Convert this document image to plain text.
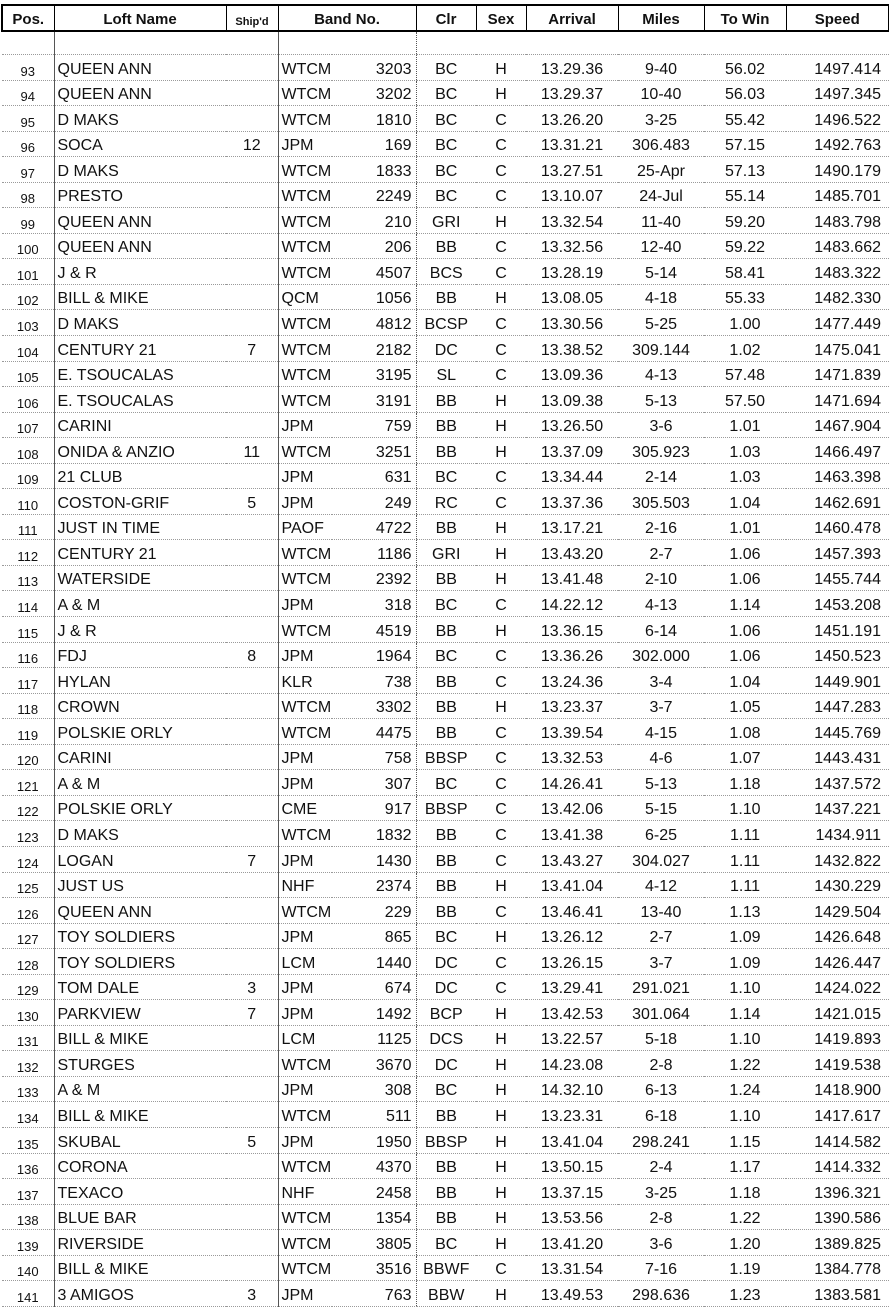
Pos.	Loft Name	Ship'd	Band No.		Clr	Sex	Arrival	Miles	To Win	Speed

93	QUEEN ANN		WTCM	3203	BC	H	13.29.36	9-40	56.02	1497.414
94	QUEEN ANN		WTCM	3202	BC	H	13.29.37	10-40	56.03	1497.345
95	D MAKS		WTCM	1810	BC	C	13.26.20	3-25	55.42	1496.522
96	SOCA	12	JPM	169	BC	C	13.31.21	306.483	57.15	1492.763
97	D MAKS		WTCM	1833	BC	C	13.27.51	25-Apr	57.13	1490.179
98	PRESTO		WTCM	2249	BC	C	13.10.07	24-Jul	55.14	1485.701
99	QUEEN ANN		WTCM	210	GRI	H	13.32.54	11-40	59.20	1483.798
100	QUEEN ANN		WTCM	206	BB	C	13.32.56	12-40	59.22	1483.662
101	J & R		WTCM	4507	BCS	C	13.28.19	5-14	58.41	1483.322
102	BILL & MIKE		QCM	1056	BB	H	13.08.05	4-18	55.33	1482.330
103	D MAKS		WTCM	4812	BCSP	C	13.30.56	5-25	1.00	1477.449
104	CENTURY 21	7	WTCM	2182	DC	C	13.38.52	309.144	1.02	1475.041
105	E. TSOUCALAS		WTCM	3195	SL	C	13.09.36	4-13	57.48	1471.839
106	E. TSOUCALAS		WTCM	3191	BB	H	13.09.38	5-13	57.50	1471.694
107	CARINI		JPM	759	BB	H	13.26.50	3-6	1.01	1467.904
108	ONIDA & ANZIO	11	WTCM	3251	BB	H	13.37.09	305.923	1.03	1466.497
109	21 CLUB		JPM	631	BC	C	13.34.44	2-14	1.03	1463.398
110	COSTON-GRIF	5	JPM	249	RC	C	13.37.36	305.503	1.04	1462.691
111	JUST IN TIME		PAOF	4722	BB	H	13.17.21	2-16	1.01	1460.478
112	CENTURY 21		WTCM	1186	GRI	H	13.43.20	2-7	1.06	1457.393
113	WATERSIDE		WTCM	2392	BB	H	13.41.48	2-10	1.06	1455.744
114	A & M		JPM	318	BC	C	14.22.12	4-13	1.14	1453.208
115	J & R		WTCM	4519	BB	H	13.36.15	6-14	1.06	1451.191
116	FDJ	8	JPM	1964	BC	C	13.36.26	302.000	1.06	1450.523
117	HYLAN		KLR	738	BB	C	13.24.36	3-4	1.04	1449.901
118	CROWN		WTCM	3302	BB	H	13.23.37	3-7	1.05	1447.283
119	POLSKIE ORLY		WTCM	4475	BB	C	13.39.54	4-15	1.08	1445.769
120	CARINI		JPM	758	BBSP	C	13.32.53	4-6	1.07	1443.431
121	A & M		JPM	307	BC	C	14.26.41	5-13	1.18	1437.572
122	POLSKIE ORLY		CME	917	BBSP	C	13.42.06	5-15	1.10	1437.221
123	D MAKS		WTCM	1832	BB	C	13.41.38	6-25	1.11	1434.911
124	LOGAN	7	JPM	1430	BB	C	13.43.27	304.027	1.11	1432.822
125	JUST US		NHF	2374	BB	H	13.41.04	4-12	1.11	1430.229
126	QUEEN ANN		WTCM	229	BB	C	13.46.41	13-40	1.13	1429.504
127	TOY SOLDIERS		JPM	865	BC	H	13.26.12	2-7	1.09	1426.648
128	TOY SOLDIERS		LCM	1440	DC	C	13.26.15	3-7	1.09	1426.447
129	TOM DALE	3	JPM	674	DC	C	13.29.41	291.021	1.10	1424.022
130	PARKVIEW	7	JPM	1492	BCP	H	13.42.53	301.064	1.14	1421.015
131	BILL & MIKE		LCM	1125	DCS	H	13.22.57	5-18	1.10	1419.893
132	STURGES		WTCM	3670	DC	H	14.23.08	2-8	1.22	1419.538
133	A & M		JPM	308	BC	H	14.32.10	6-13	1.24	1418.900
134	BILL & MIKE		WTCM	511	BB	H	13.23.31	6-18	1.10	1417.617
135	SKUBAL	5	JPM	1950	BBSP	H	13.41.04	298.241	1.15	1414.582
136	CORONA		WTCM	4370	BB	H	13.50.15	2-4	1.17	1414.332
137	TEXACO		NHF	2458	BB	H	13.37.15	3-25	1.18	1396.321
138	BLUE BAR		WTCM	1354	BB	H	13.53.56	2-8	1.22	1390.586
139	RIVERSIDE		WTCM	3805	BC	H	13.41.20	3-6	1.20	1389.825
140	BILL & MIKE		WTCM	3516	BBWF	C	13.31.54	7-16	1.19	1384.778
141	3 AMIGOS	3	JPM	763	BBW	H	13.49.53	298.636	1.23	1383.581
